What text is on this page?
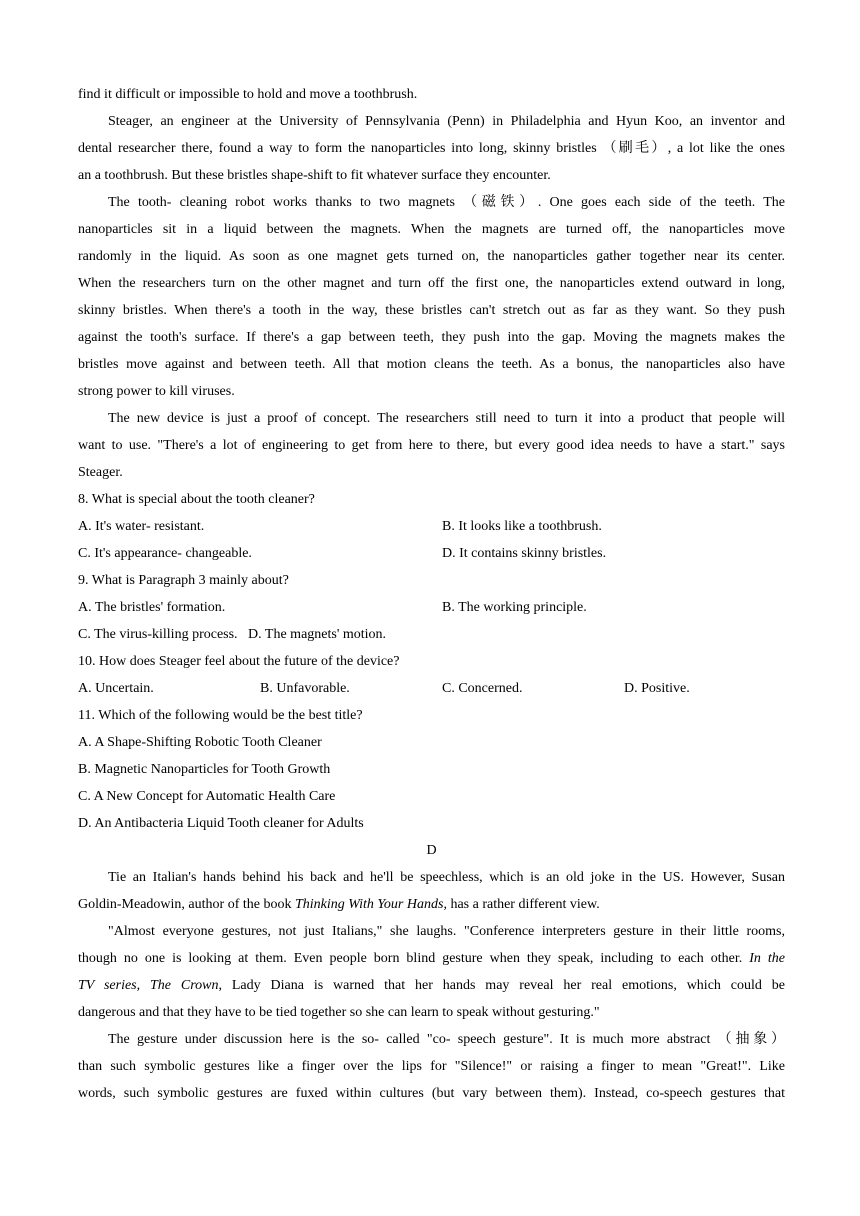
find it difficult or impossible to hold and move a toothbrush.
Steager, an engineer at the University of Pennsylvania (Penn) in Philadelphia and Hyun Koo, an inventor and
dental researcher there, found a way to form the nanoparticles into long, skinny bristles （刷毛）, a lot like the ones
an a toothbrush. But these bristles shape-shift to fit whatever surface they encounter.
The tooth- cleaning robot works thanks to two magnets （磁铁）. One goes each side of the teeth. The
nanoparticles sit in a liquid between the magnets. When the magnets are turned off, the nanoparticles move
randomly in the liquid. As soon as one magnet gets turned on, the nanoparticles gather together near its center.
When the researchers turn on the other magnet and turn off the first one, the nanoparticles extend outward in long,
skinny bristles. When there's a tooth in the way, these bristles can't stretch out as far as they want. So they push
against the tooth's surface. If there's a gap between teeth, they push into the gap. Moving the magnets makes the
bristles move against and between teeth. All that motion cleans the teeth. As a bonus, the nanoparticles also have
strong power to kill viruses.
The new device is just a proof of concept. The researchers still need to turn it into a product that people will
want to use. "There's a lot of engineering to get from here to there, but every good idea needs to have a start." says
Steager.
8. What is special about the tooth cleaner?
A. It's water- resistant.	B. It looks like a toothbrush.
C. It's appearance- changeable.	D. It contains skinny bristles.
9. What is Paragraph 3 mainly about?
A. The bristles' formation.	B. The working principle.
C. The virus-killing process.   D. The magnets' motion.
10. How does Steager feel about the future of the device?
A. Uncertain.	B. Unfavorable.	C. Concerned.	D. Positive.
11. Which of the following would be the best title?
A. A Shape-Shifting Robotic Tooth Cleaner
B. Magnetic Nanoparticles for Tooth Growth
C. A New Concept for Automatic Health Care
D. An Antibacteria Liquid Tooth cleaner for Adults
D
Tie an Italian's hands behind his back and he'll be speechless, which is an old joke in the US. However, Susan
Goldin-Meadowin, author of the book Thinking With Your Hands, has a rather different view.
"Almost everyone gestures, not just Italians," she laughs. "Conference interpreters gesture in their little rooms,
though no one is looking at them. Even people born blind gesture when they speak, including to each other. In the
TV series, The Crown, Lady Diana is warned that her hands may reveal her real emotions, which could be
dangerous and that they have to be tied together so she can learn to speak without gesturing."
The gesture under discussion here is the so- called "co- speech gesture". It is much more abstract （抽象）
than such symbolic gestures like a finger over the lips for "Silence!" or raising a finger to mean "Great!". Like
words, such symbolic gestures are fuxed within cultures (but vary between them). Instead, co-speech gestures that
